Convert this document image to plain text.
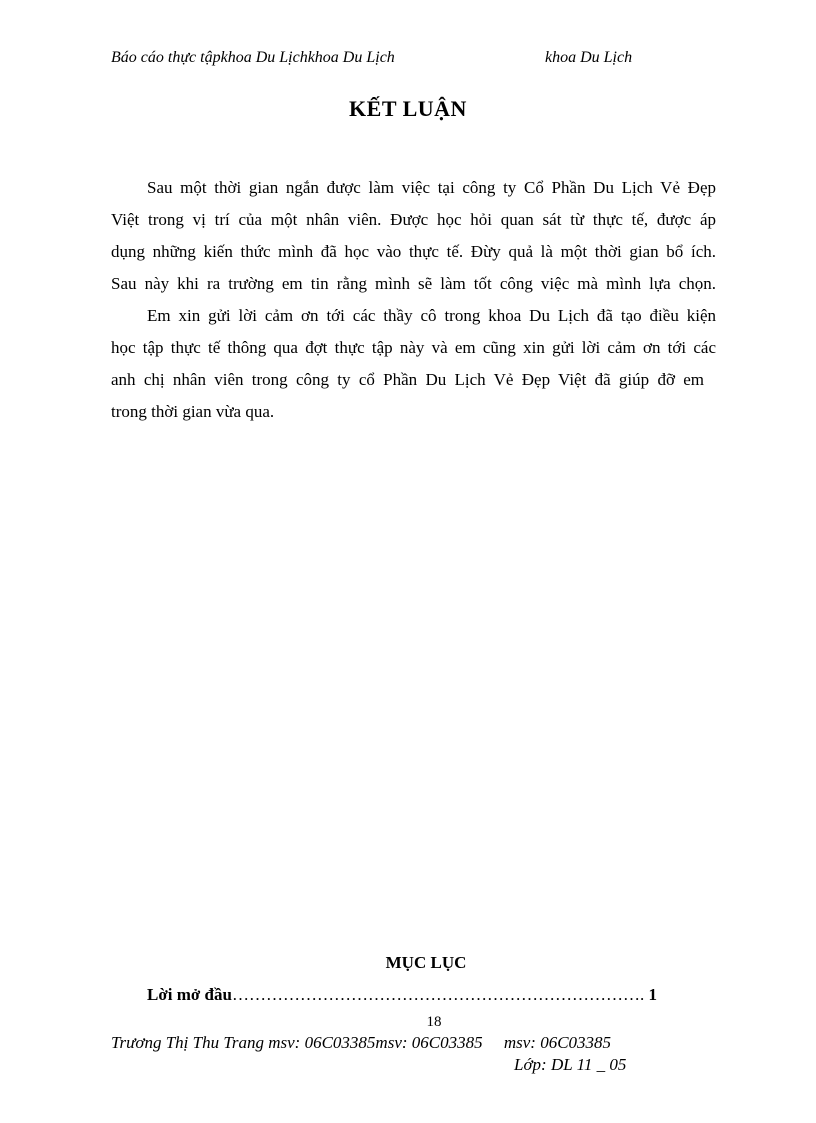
Báo cáo thực tậpkhoa Du Lịchkhoa Du Lịch	khoa Du Lịch
KẾT LUẬN
Sau một thời gian ngắn được làm việc tại công ty Cổ Phần Du Lịch Vẻ Đẹp
Việt trong vị trí của một nhân viên. Được học hỏi quan sát từ thực tế, được áp
dụng những kiến thức mình đã học vào thực tế. Đừy quả là một thời gian bổ ích.
Sau này khi ra trường em tin rằng mình sẽ làm tốt công việc mà mình lựa chọn.
Em xin gửi lời cảm ơn tới các thầy cô trong khoa Du Lịch đã tạo điều kiện
học tập thực tế thông qua đợt thực tập này và em cũng xin gửi lời cảm ơn tới các
anh chị nhân viên trong công ty cổ Phần Du Lịch Vẻ Đẹp Việt đã giúp đỡ em
trong thời gian vừa qua.
MỤC LỤC
Lời mở đầu………………………………………………………………. 1
18
Trương Thị Thu Trang msv: 06C03385msv: 06C03385     msv: 06C03385
Lớp: DL 11 _ 05
